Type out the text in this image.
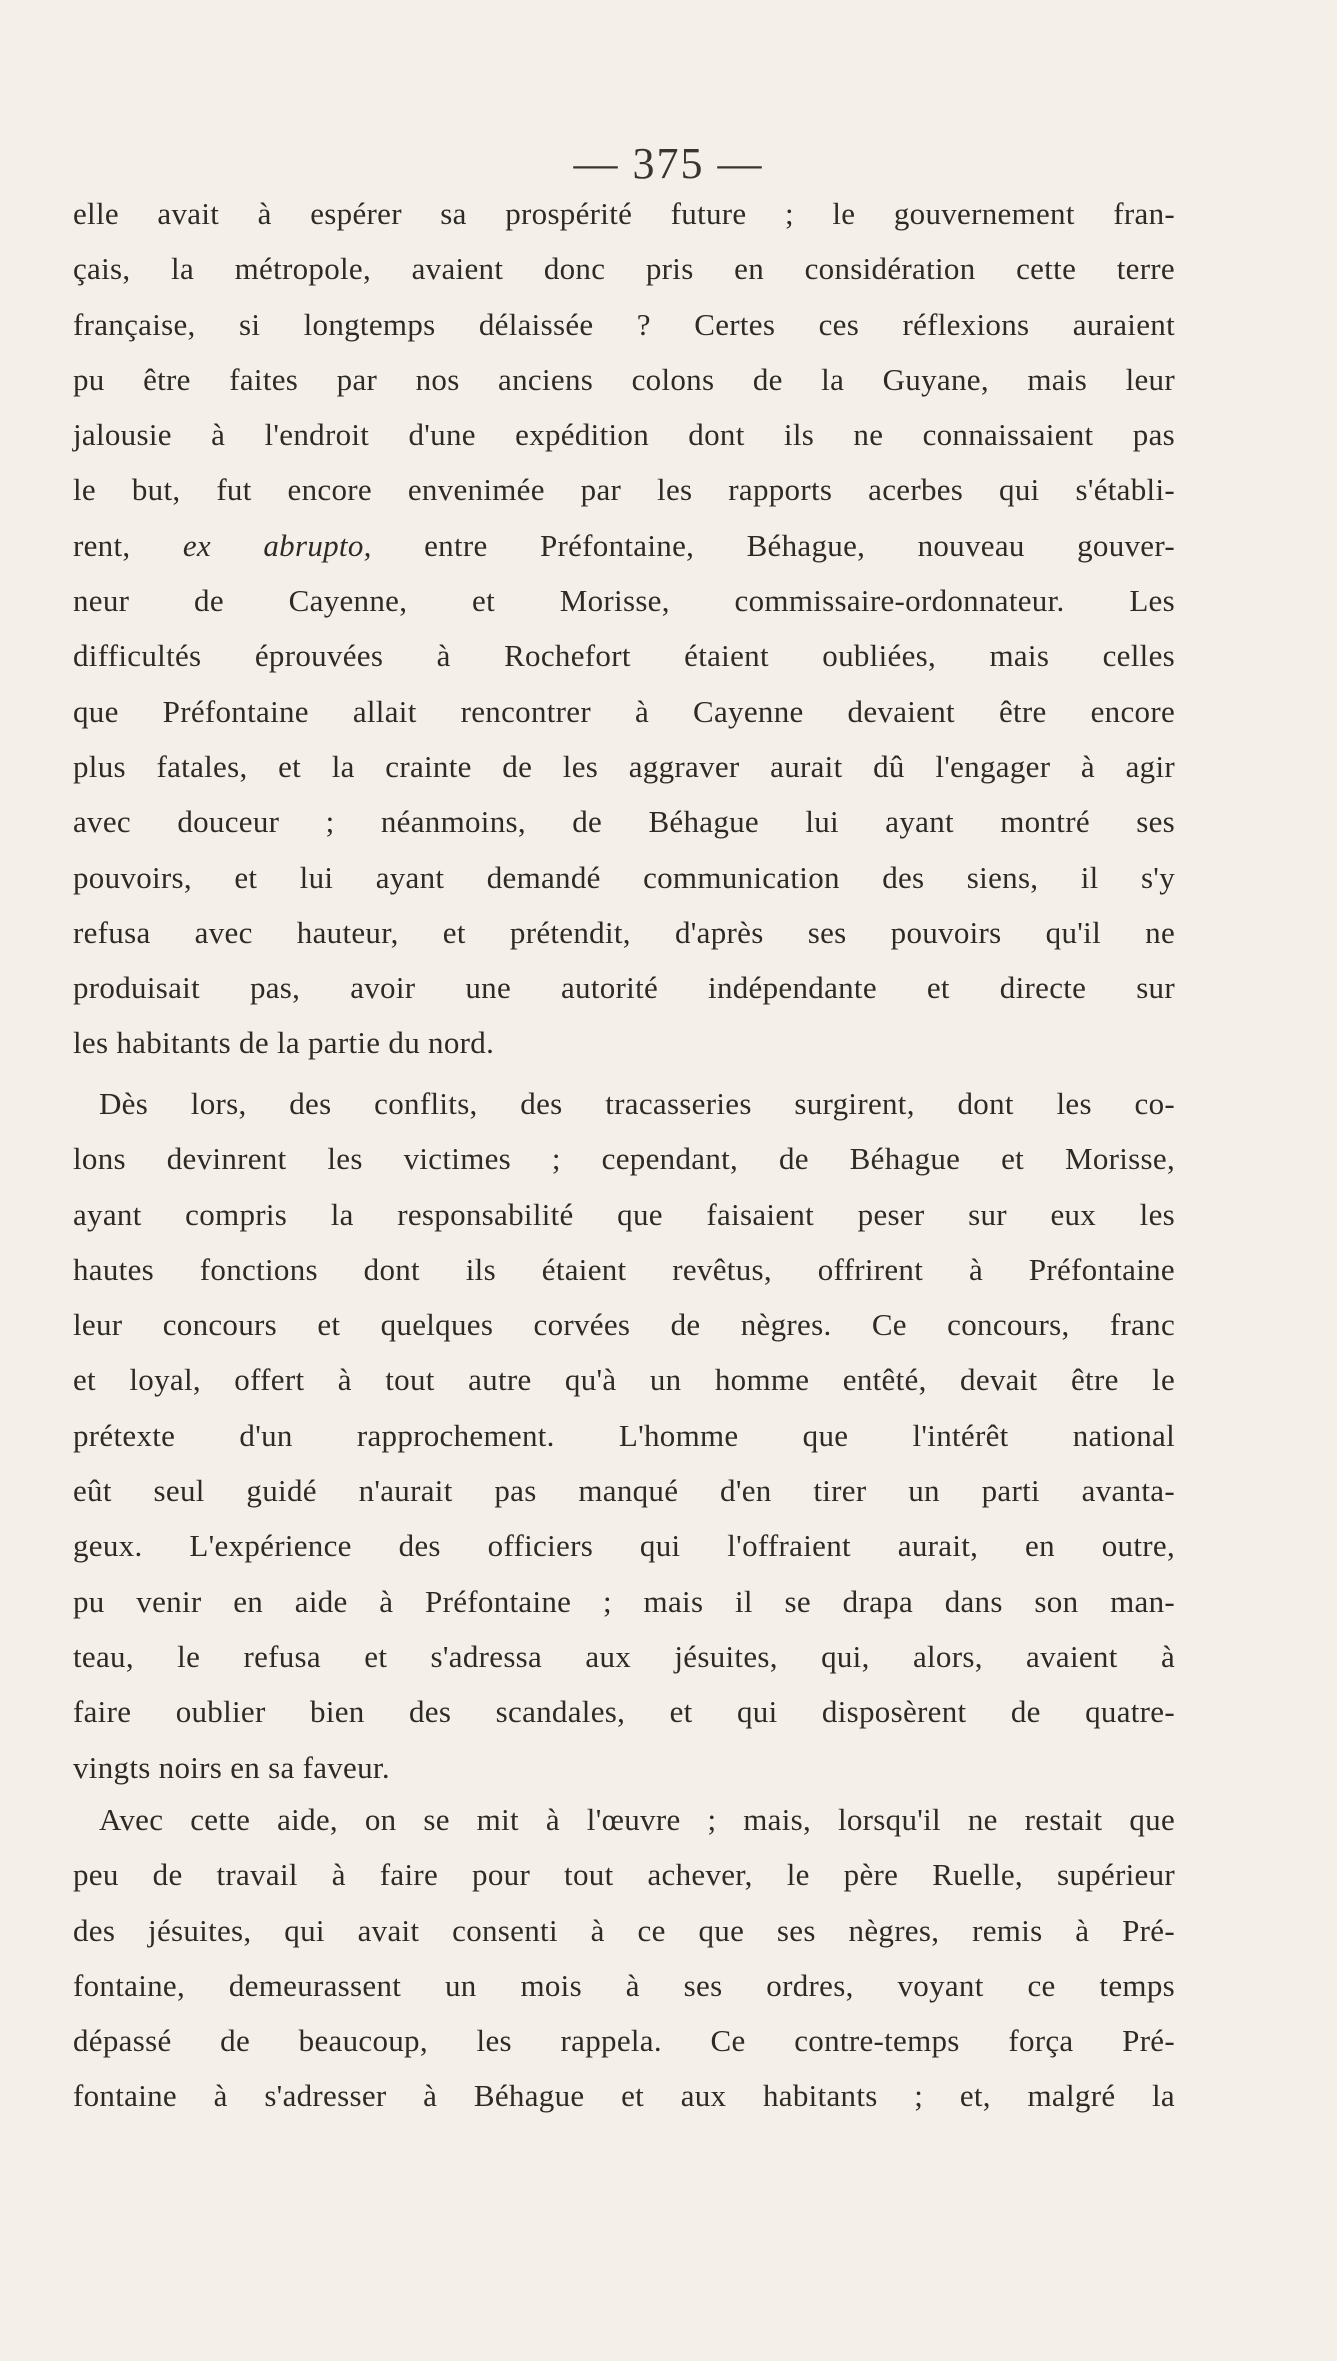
— 375 —
elle avait à espérer sa prospérité future ; le gouvernement fran-
çais, la métropole, avaient donc pris en considération cette terre
française, si longtemps délaissée ? Certes ces réflexions auraient
pu être faites par nos anciens colons de la Guyane, mais leur
jalousie à l'endroit d'une expédition dont ils ne connaissaient pas
le but, fut encore envenimée par les rapports acerbes qui s'établi-
rent, ex abrupto, entre Préfontaine, Béhague, nouveau gouver-
neur de Cayenne, et Morisse, commissaire-ordonnateur. Les
difficultés éprouvées à Rochefort étaient oubliées, mais celles
que Préfontaine allait rencontrer à Cayenne devaient être encore
plus fatales, et la crainte de les aggraver aurait dû l'engager à agir
avec douceur ; néanmoins, de Béhague lui ayant montré ses
pouvoirs, et lui ayant demandé communication des siens, il s'y
refusa avec hauteur, et prétendit, d'après ses pouvoirs qu'il ne
produisait pas, avoir une autorité indépendante et directe sur
les habitants de la partie du nord.
Dès lors, des conflits, des tracasseries surgirent, dont les co-
lons devinrent les victimes ; cependant, de Béhague et Morisse,
ayant compris la responsabilité que faisaient peser sur eux les
hautes fonctions dont ils étaient revêtus, offrirent à Préfontaine
leur concours et quelques corvées de nègres. Ce concours, franc
et loyal, offert à tout autre qu'à un homme entêté, devait être le
prétexte d'un rapprochement. L'homme que l'intérêt national
eût seul guidé n'aurait pas manqué d'en tirer un parti avanta-
geux. L'expérience des officiers qui l'offraient aurait, en outre,
pu venir en aide à Préfontaine ; mais il se drapa dans son man-
teau, le refusa et s'adressa aux jésuites, qui, alors, avaient à
faire oublier bien des scandales, et qui disposèrent de quatre-
vingts noirs en sa faveur.
Avec cette aide, on se mit à l'œuvre ; mais, lorsqu'il ne restait que
peu de travail à faire pour tout achever, le père Ruelle, supérieur
des jésuites, qui avait consenti à ce que ses nègres, remis à Pré-
fontaine, demeurassent un mois à ses ordres, voyant ce temps
dépassé de beaucoup, les rappela. Ce contre-temps força Pré-
fontaine à s'adresser à Béhague et aux habitants ; et, malgré la
